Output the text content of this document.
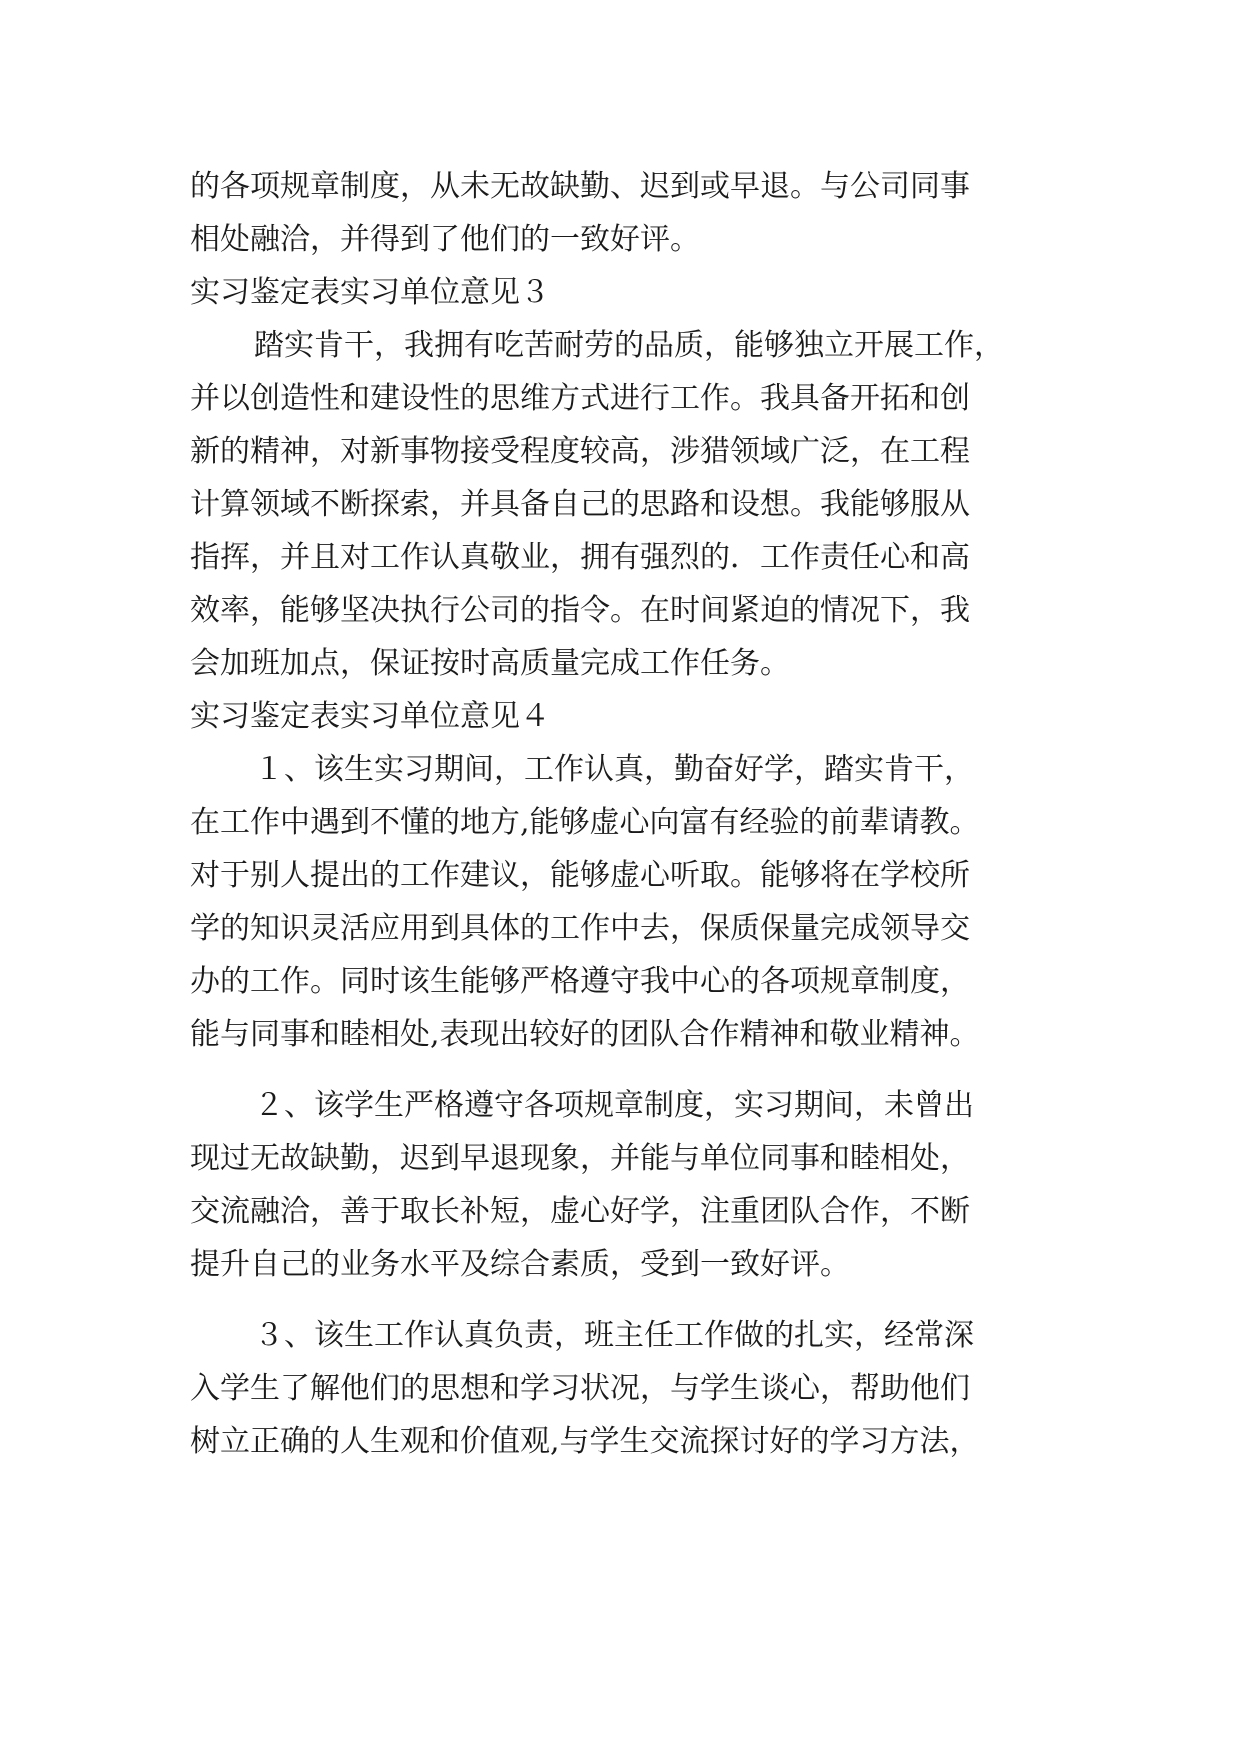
的各项规章制度，从未无故缺勤、迟到或早退。与公司同事

相处融洽，并得到了他们的一致好评。

实习鉴定表实习单位意见３

踏实肯干，我拥有吃苦耐劳的品质，能够独立开展工作，

并以创造性和建设性的思维方式进行工作。我具备开拓和创

新的精神，对新事物接受程度较高，涉猎领域广泛，在工程

计算领域不断探索，并具备自己的思路和设想。我能够服从

指挥，并且对工作认真敬业，拥有强烈的．工作责任心和高

效率，能够坚决执行公司的指令。在时间紧迫的情况下，我

会加班加点，保证按时高质量完成工作任务。

实习鉴定表实习单位意见４

１、该生实习期间，工作认真，勤奋好学，踏实肯干，

在工作中遇到不懂的地方,能够虚心向富有经验的前辈请教。

对于别人提出的工作建议，能够虚心听取。能够将在学校所

学的知识灵活应用到具体的工作中去，保质保量完成领导交

办的工作。同时该生能够严格遵守我中心的各项规章制度，

能与同事和睦相处,表现出较好的团队合作精神和敬业精神。

２、该学生严格遵守各项规章制度，实习期间，未曾出

现过无故缺勤，迟到早退现象，并能与单位同事和睦相处，

交流融洽，善于取长补短，虚心好学，注重团队合作，不断

提升自己的业务水平及综合素质，受到一致好评。

３、该生工作认真负责，班主任工作做的扎实，经常深

入学生了解他们的思想和学习状况，与学生谈心，帮助他们

树立正确的人生观和价值观,与学生交流探讨好的学习方法，
